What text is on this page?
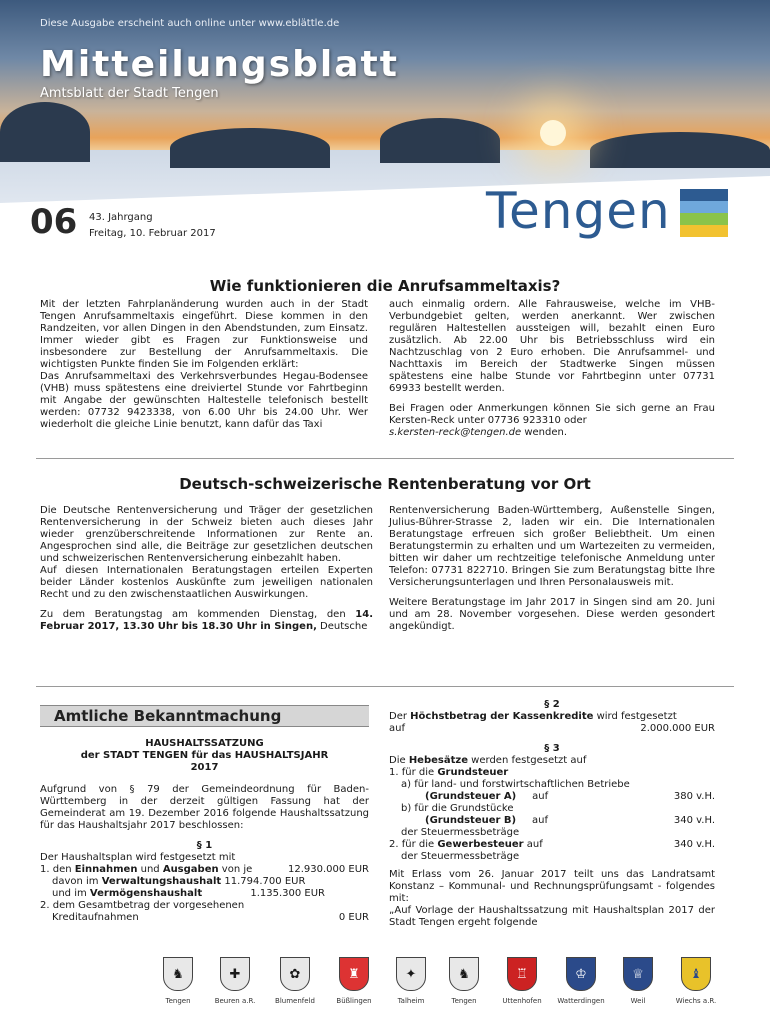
Diese Ausgabe erscheint auch online unter www.eblättle.de
Mitteilungsblatt
Amtsblatt der Stadt Tengen
06 43. Jahrgang
Freitag, 10. Februar 2017	Tengen
Wie funktionieren die Anrufsammeltaxis?
Mit der letzten Fahrplanänderung wurden auch in der Stadt Tengen Anrufsammeltaxis eingeführt. Diese kommen in den Randzeiten, vor allen Dingen in den Abendstunden, zum Einsatz. Immer wieder gibt es Fragen zur Funktionsweise und insbesondere zur Bestellung der Anrufsammeltaxis. Die wichtigsten Punkte finden Sie im Folgenden erklärt:
Das Anrufsammeltaxi des Verkehrsverbundes Hegau-Bodensee (VHB) muss spätestens eine dreiviertel Stunde vor Fahrtbeginn mit Angabe der gewünschten Haltestelle telefonisch bestellt werden: 07732 9423338, von 6.00 Uhr bis 24.00 Uhr. Wer wiederholt die gleiche Linie benutzt, kann dafür das Taxi

auch einmalig ordern. Alle Fahrausweise, welche im VHB-Verbundgebiet gelten, werden anerkannt. Wer zwischen regulären Haltestellen aussteigen will, bezahlt einen Euro zusätzlich. Ab 22.00 Uhr bis Betriebsschluss wird ein Nachtzuschlag von 2 Euro erhoben. Die Anrufsammel- und Nachttaxis im Bereich der Stadtwerke Singen müssen spätestens eine halbe Stunde vor Fahrtbeginn unter 07731 69933 bestellt werden.

Bei Fragen oder Anmerkungen können Sie sich gerne an Frau Kersten-Reck unter 07736 923310 oder
s.kersten-reck@tengen.de wenden.
Deutsch-schweizerische Rentenberatung vor Ort
Die Deutsche Rentenversicherung und Träger der gesetzlichen Rentenversicherung in der Schweiz bieten auch dieses Jahr wieder grenzüberschreitende Informationen zur Rente an. Angesprochen sind alle, die Beiträge zur gesetzlichen deutschen und schweizerischen Rentenversicherung einbezahlt haben.

Auf diesen Internationalen Beratungstagen erteilen Experten beider Länder kostenlos Auskünfte zum jeweiligen nationalen Recht und zu den zwischenstaatlichen Auswirkungen.

Zu dem Beratungstag am kommenden Dienstag, den 14. Februar 2017, 13.30 Uhr bis 18.30 Uhr in Singen, Deutsche

Rentenversicherung Baden-Württemberg, Außenstelle Singen, Julius-Bührer-Strasse 2, laden wir ein. Die Internationalen Beratungstage erfreuen sich großer Beliebtheit. Um einen Beratungstermin zu erhalten und um Wartezeiten zu vermeiden, bitten wir daher um rechtzeitige telefonische Anmeldung unter Telefon: 07731 822710. Bringen Sie zum Beratungstag bitte Ihre Versicherungsunterlagen und Ihren Personalausweis mit.

Weitere Beratungstage im Jahr 2017 in Singen sind am 20. Juni und am 28. November vorgesehen. Diese werden gesondert angekündigt.
Amtliche Bekanntmachung
HAUSHALTSSATZUNG
der STADT TENGEN für das HAUSHALTSJAHR
2017

Aufgrund von § 79 der Gemeindeordnung für Baden-Württemberg in der derzeit gültigen Fassung hat der Gemeinderat am 19. Dezember 2016 folgende Haushaltssatzung für das Haushaltsjahr 2017 beschlossen:

§ 1
Der Haushaltsplan wird festgesetzt mit
1. den Einnahmen und Ausgaben von je	12.930.000 EUR
davon im Verwaltungshaushalt 11.794.700 EUR
und im Vermögenshaushalt	1.135.300 EUR
2. dem Gesamtbetrag der vorgesehenen
Kreditaufnahmen	0 EUR
§ 2
Der Höchstbetrag der Kassenkredite wird festgesetzt
auf	2.000.000 EUR
§ 3
Die Hebesätze werden festgesetzt auf
1. für die Grundsteuer
a) für land- und forstwirtschaftlichen Betriebe
(Grundsteuer A) auf	380 v.H.
b) für die Grundstücke
(Grundsteuer B) auf	340 v.H.
der Steuermessbeträge
2. für die Gewerbesteuer auf	340 v.H.
der Steuermessbeträge
Mit Erlass vom 26. Januar 2017 teilt uns das Landratsamt Konstanz – Kommunal- und Rechnungsprüfungsamt - folgendes mit:
„Auf Vorlage der Haushaltssatzung mit Haushaltsplan 2017 der Stadt Tengen ergeht folgende
♞
Tengen
✚
Beuren a.R.
✿
Blumenfeld
♜
Büßlingen
✦
Talheim
♞
Tengen
♖
Uttenhofen
♔
Watterdingen
♕
Weil
♝
Wiechs a.R.
